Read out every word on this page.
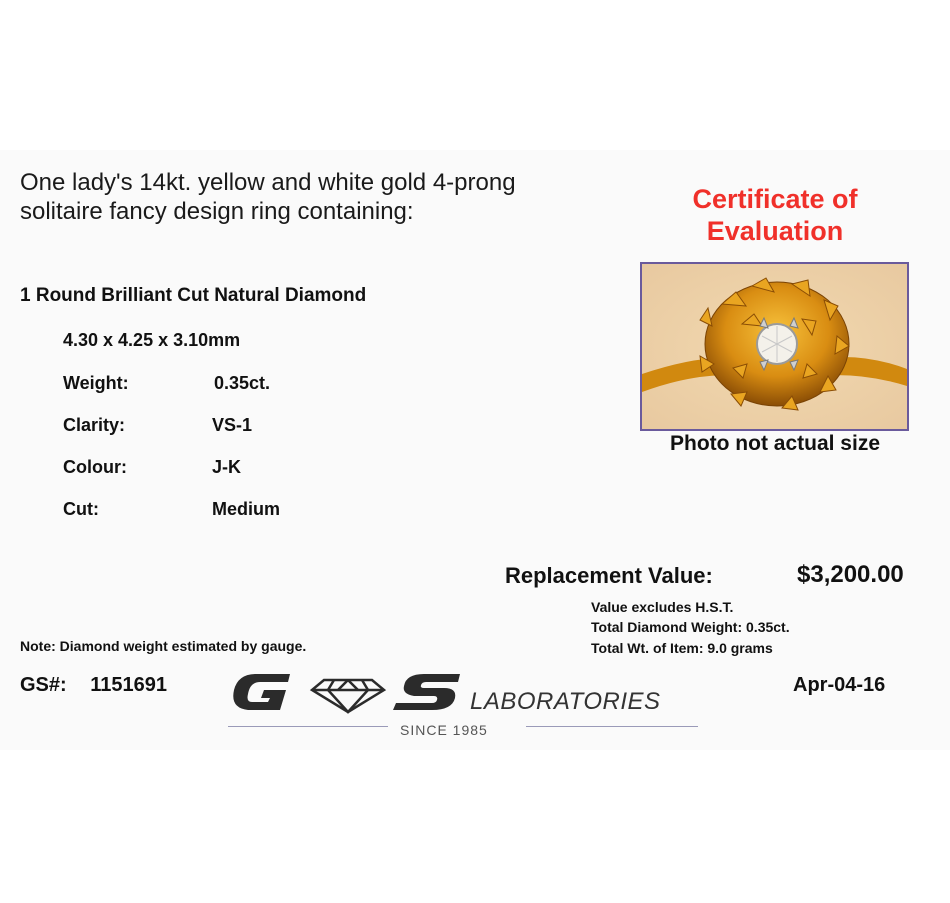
One lady's 14kt. yellow and white gold 4-prong
solitaire fancy design ring containing:	Certificate of
Evaluation
Photo not actual size
1 Round Brilliant Cut Natural Diamond
4.30 x 4.25 x 3.10mm
Weight:	0.35ct.
Clarity:	VS-1
Colour:	J-K
Cut:	Medium
Replacement Value:	$3,200.00
Value excludes H.S.T.
Total Diamond Weight: 0.35ct.
Total Wt. of Item: 9.0 grams
Note: Diamond weight estimated by gauge.
GS#: 1151691
LABORATORIES
SINCE 1985
Apr-04-16
